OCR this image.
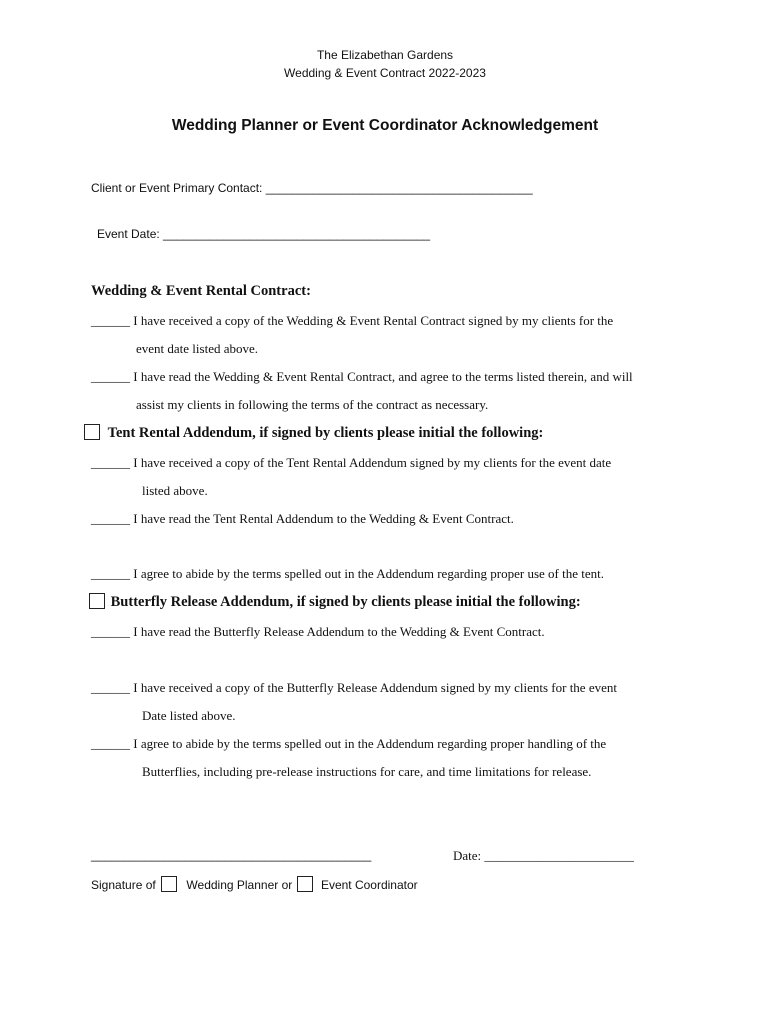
The Elizabethan Gardens
Wedding & Event Contract 2022-2023
Wedding Planner or Event Coordinator Acknowledgement
Client or Event Primary Contact: ________________________________________
Event Date: ________________________________________
Wedding & Event Rental Contract:
______ I have received a copy of the Wedding & Event Rental Contract signed by my clients for the
event date listed above.
______ I have read the Wedding & Event Rental Contract, and agree to the terms listed therein, and will
assist my clients in following the terms of the contract as necessary.
Tent Rental Addendum, if signed by clients please initial the following:
______ I have received a copy of the Tent Rental Addendum signed by my clients for the event date
listed above.
______ I have read the Tent Rental Addendum to the Wedding & Event Contract.
______ I agree to abide by the terms spelled out in the Addendum regarding proper use of the tent.
Butterfly Release Addendum, if signed by clients please initial the following:
______ I have read the Butterfly Release Addendum to the Wedding & Event Contract.
______ I have received a copy of the Butterfly Release Addendum signed by my clients for the event
Date listed above.
______ I agree to abide by the terms spelled out in the Addendum regarding proper handling of the
Butterflies, including pre-release instructions for care, and time limitations for release.
__________________________________________	Date: _______________________
Signature of	Wedding Planner or Event Coordinator
